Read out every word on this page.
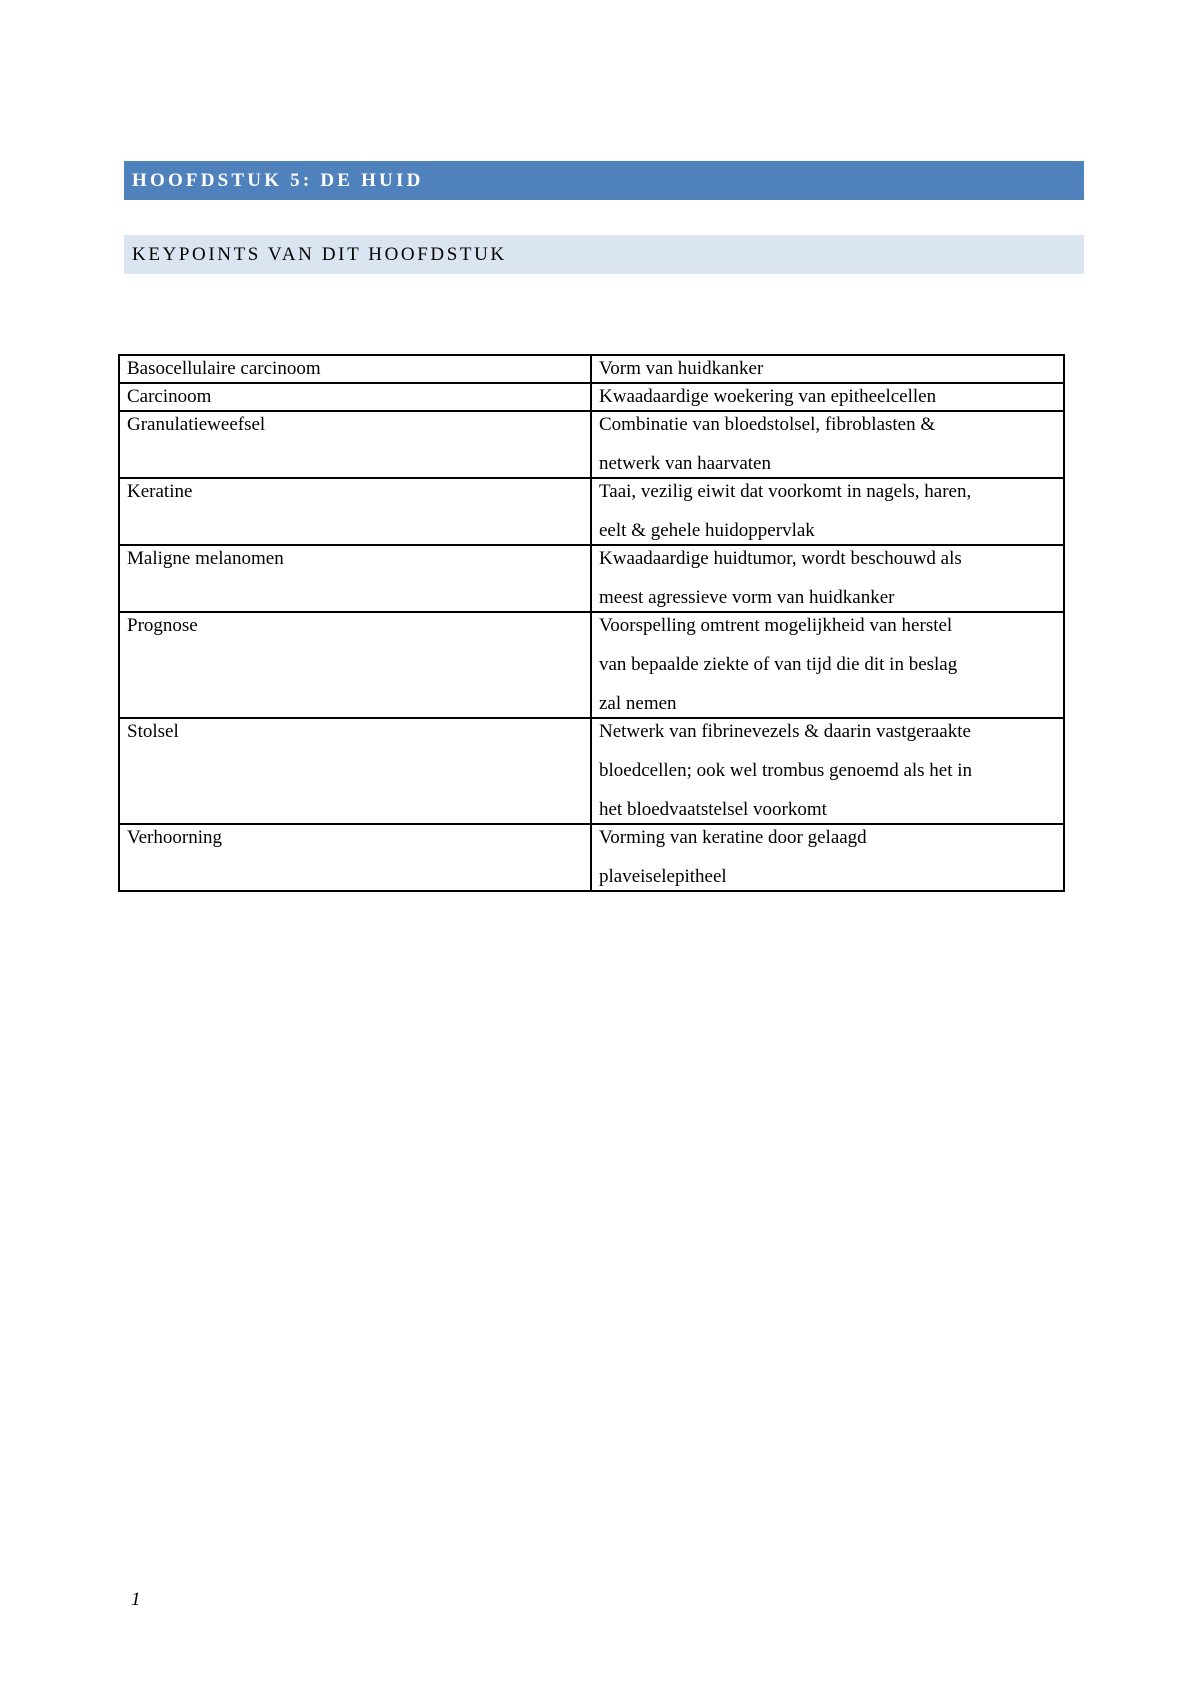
HOOFDSTUK 5: DE HUID
KEYPOINTS VAN DIT HOOFDSTUK
Basocellulaire carcinoom	Vorm van huidkanker

Carcinoom	Kwaadaardige woekering van epitheelcellen

Granulatieweefsel	Combinatie van bloedstolsel, fibroblasten &
netwerk van haarvaten

Keratine	Taai, vezilig eiwit dat voorkomt in nagels, haren,
eelt & gehele huidoppervlak

Maligne melanomen	Kwaadaardige huidtumor, wordt beschouwd als
meest agressieve vorm van huidkanker

Prognose	Voorspelling omtrent mogelijkheid van herstel
van bepaalde ziekte of van tijd die dit in beslag
zal nemen

Stolsel	Netwerk van fibrinevezels & daarin vastgeraakte
bloedcellen; ook wel trombus genoemd als het in
het bloedvaatstelsel voorkomt

Verhoorning	Vorming van keratine door gelaagd
plaveiselepitheel
1
